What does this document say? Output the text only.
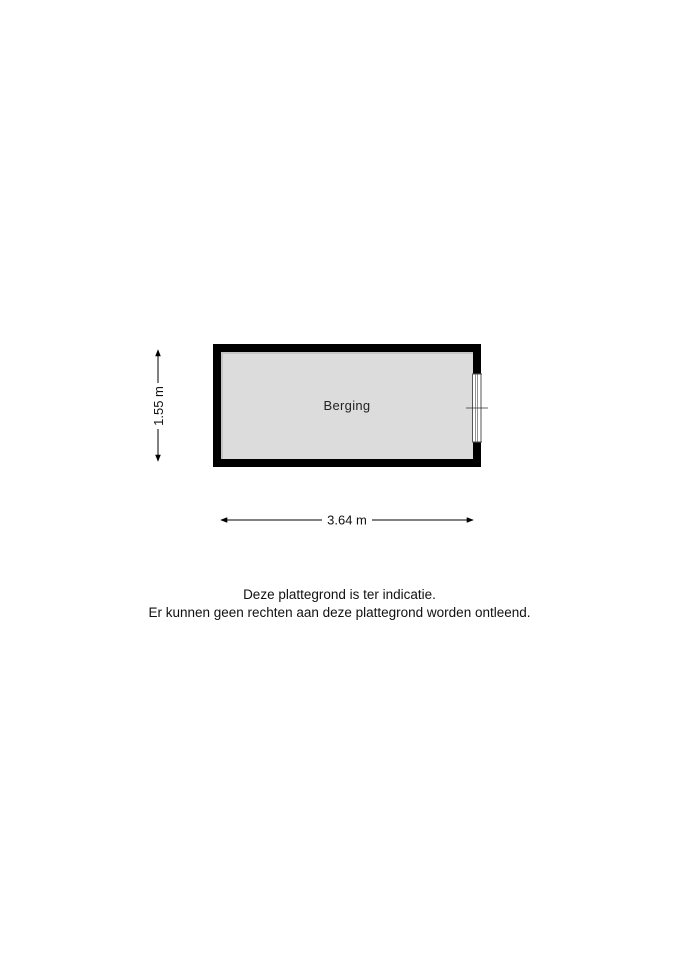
Berging
1.55 m
3.64 m
Deze plattegrond is ter indicatie.
Er kunnen geen rechten aan deze plattegrond worden ontleend.
